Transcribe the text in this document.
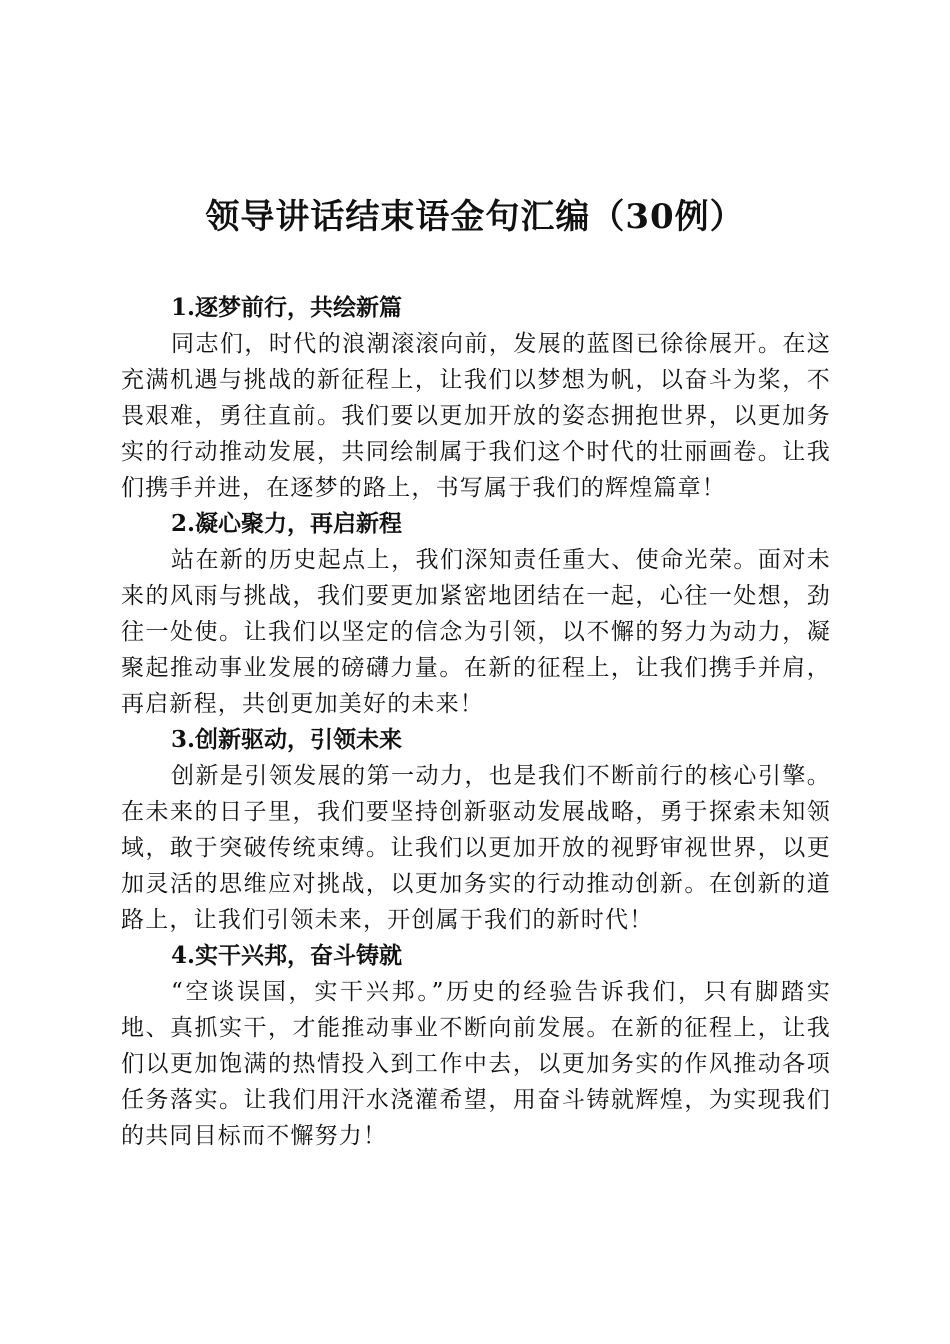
领导讲话结束语金句汇编（30例）

1.逐梦前行，共绘新篇

同志们，时代的浪潮滚滚向前，发展的蓝图已徐徐展开。在这充满机遇与挑战的新征程上，让我们以梦想为帆，以奋斗为桨，不畏艰难，勇往直前。我们要以更加开放的姿态拥抱世界，以更加务实的行动推动发展，共同绘制属于我们这个时代的壮丽画卷。让我们携手并进，在逐梦的路上，书写属于我们的辉煌篇章！

2.凝心聚力，再启新程

站在新的历史起点上，我们深知责任重大、使命光荣。面对未来的风雨与挑战，我们要更加紧密地团结在一起，心往一处想，劲往一处使。让我们以坚定的信念为引领，以不懈的努力为动力，凝聚起推动事业发展的磅礴力量。在新的征程上，让我们携手并肩，再启新程，共创更加美好的未来！

3.创新驱动，引领未来

创新是引领发展的第一动力，也是我们不断前行的核心引擎。在未来的日子里，我们要坚持创新驱动发展战略，勇于探索未知领域，敢于突破传统束缚。让我们以更加开放的视野审视世界，以更加灵活的思维应对挑战，以更加务实的行动推动创新。在创新的道路上，让我们引领未来，开创属于我们的新时代！

4.实干兴邦，奋斗铸就

“空谈误国，实干兴邦。”历史的经验告诉我们，只有脚踏实地、真抓实干，才能推动事业不断向前发展。在新的征程上，让我们以更加饱满的热情投入到工作中去，以更加务实的作风推动各项任务落实。让我们用汗水浇灌希望，用奋斗铸就辉煌，为实现我们的共同目标而不懈努力！
